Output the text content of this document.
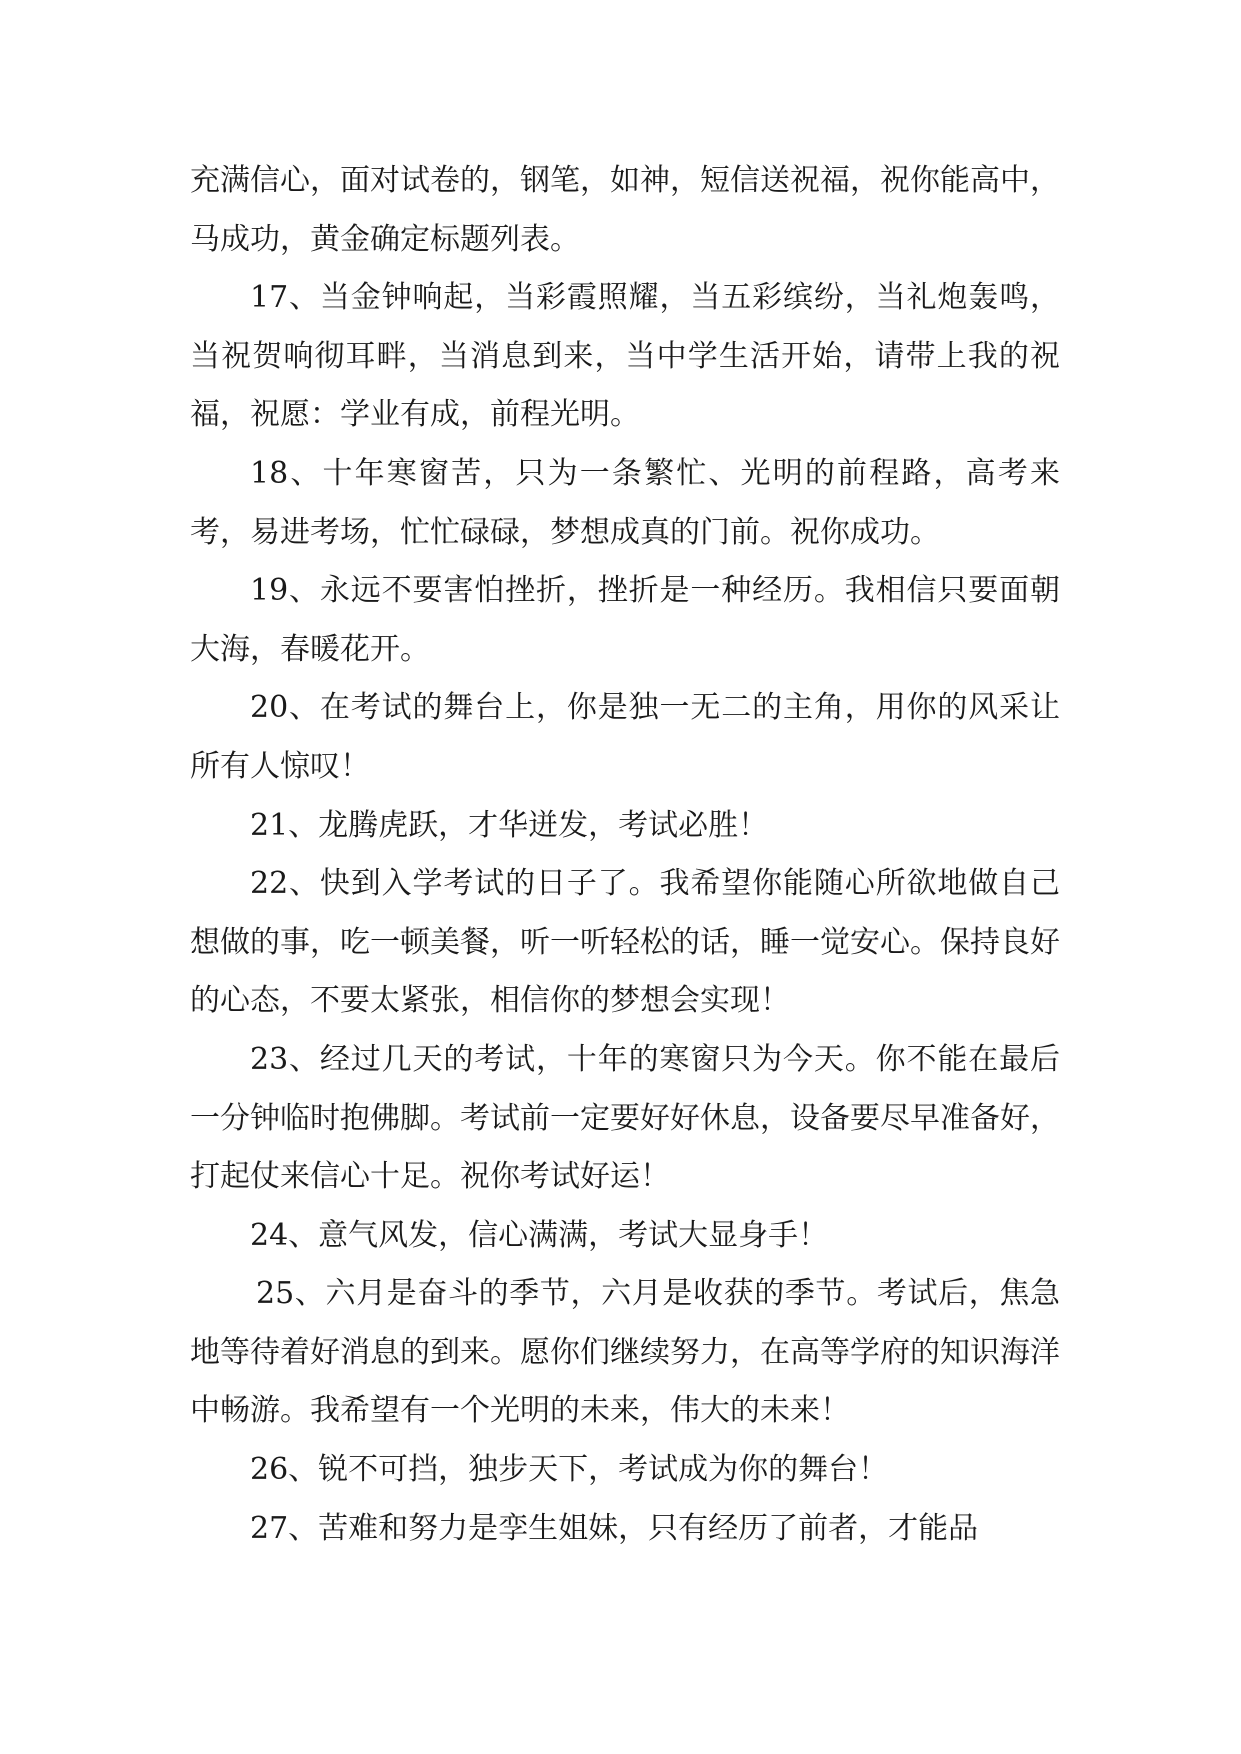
充满信心，面对试卷的，钢笔，如神，短信送祝福，祝你能高中，马成功，黄金确定标题列表。

17、当金钟响起，当彩霞照耀，当五彩缤纷，当礼炮轰鸣，当祝贺响彻耳畔，当消息到来，当中学生活开始，请带上我的祝福，祝愿：学业有成，前程光明。

18、十年寒窗苦，只为一条繁忙、光明的前程路，高考来考，易进考场，忙忙碌碌，梦想成真的门前。祝你成功。

19、永远不要害怕挫折，挫折是一种经历。我相信只要面朝大海，春暖花开。

20、在考试的舞台上，你是独一无二的主角，用你的风采让所有人惊叹！

21、龙腾虎跃，才华迸发，考试必胜！

22、快到入学考试的日子了。我希望你能随心所欲地做自己想做的事，吃一顿美餐，听一听轻松的话，睡一觉安心。保持良好的心态，不要太紧张，相信你的梦想会实现！

23、经过几天的考试，十年的寒窗只为今天。你不能在最后一分钟临时抱佛脚。考试前一定要好好休息，设备要尽早准备好，打起仗来信心十足。祝你考试好运！

24、意气风发，信心满满，考试大显身手！

25、六月是奋斗的季节，六月是收获的季节。考试后，焦急地等待着好消息的到来。愿你们继续努力，在高等学府的知识海洋中畅游。我希望有一个光明的未来，伟大的未来！

26、锐不可挡，独步天下，考试成为你的舞台！

27、苦难和努力是孪生姐妹，只有经历了前者，才能品
